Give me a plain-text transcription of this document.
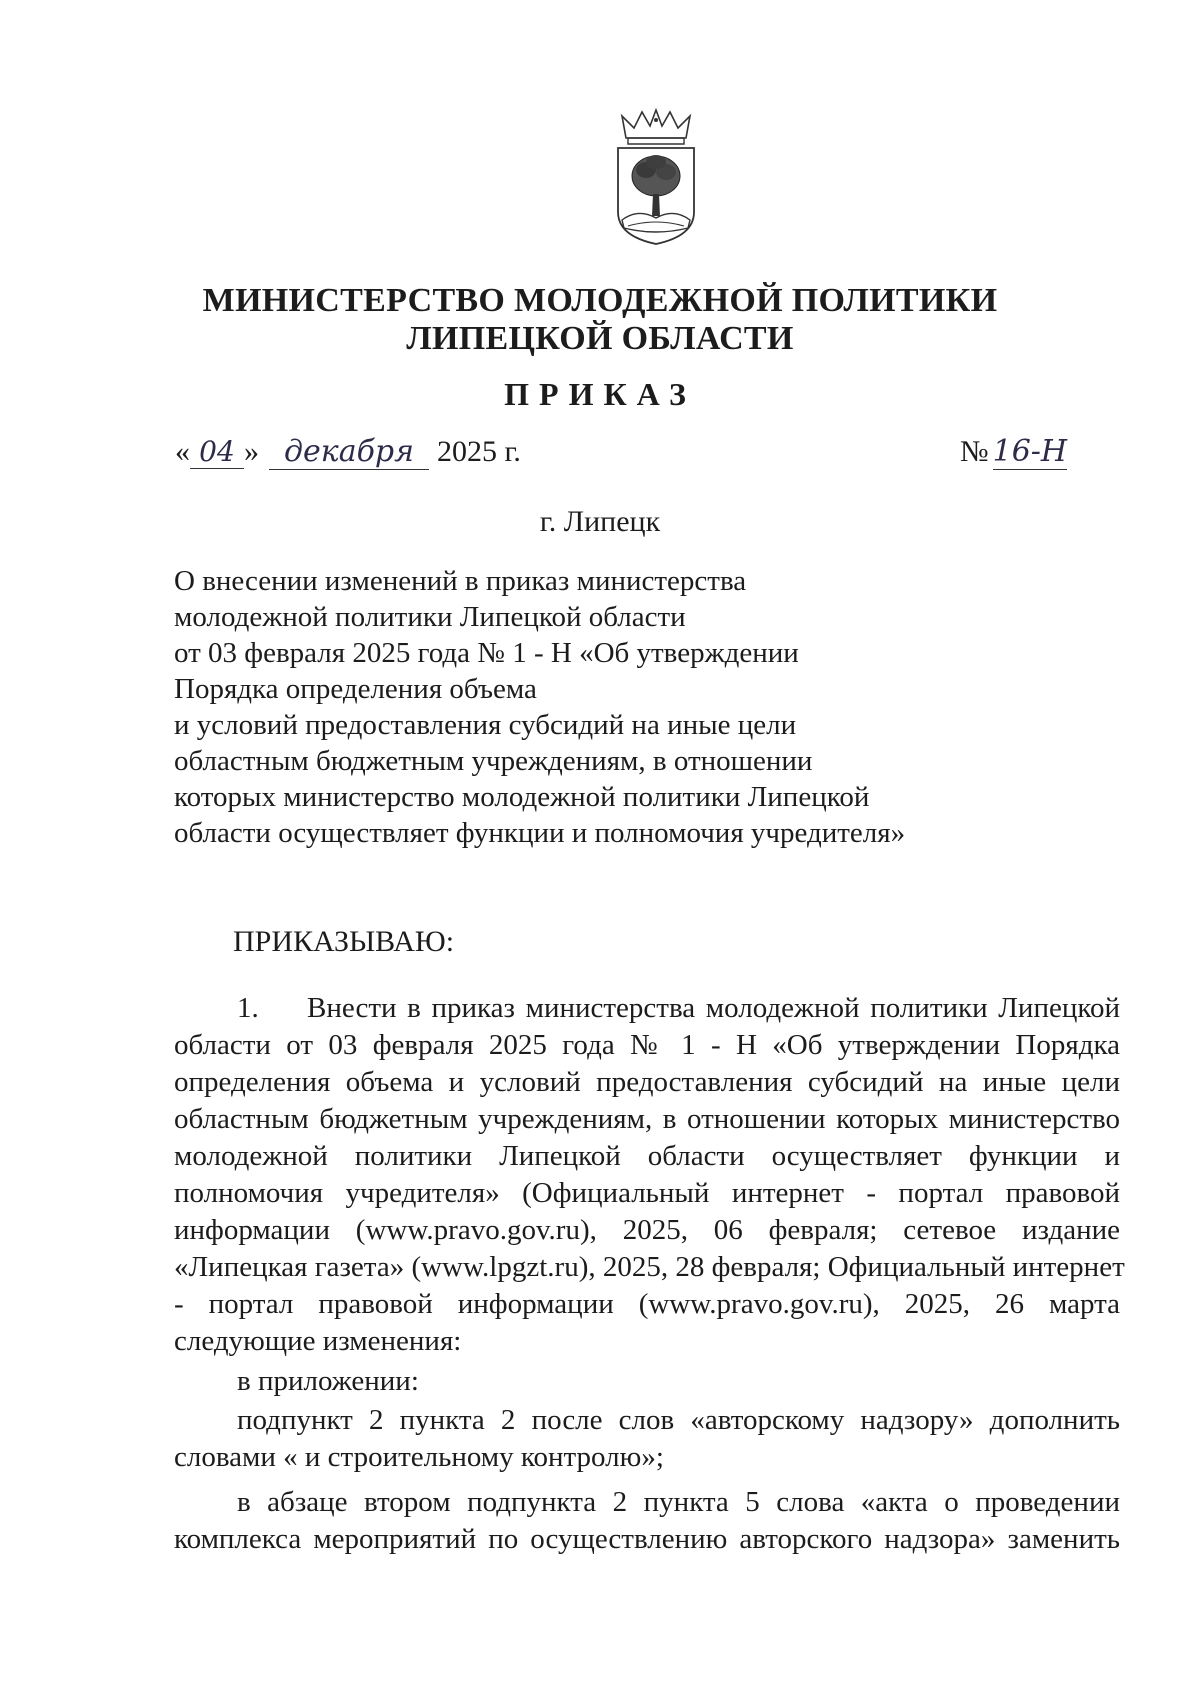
МИНИСТЕРСТВО МОЛОДЕЖНОЙ ПОЛИТИКИ
ЛИПЕЦКОЙ ОБЛАСТИ
ПРИКАЗ
« 04 » декабря 2025 г.	№ 16-Н
г. Липецк
О внесении изменений в приказ министерства
молодежной политики Липецкой области
от 03 февраля 2025 года № 1 - Н «Об утверждении
Порядка определения объема
и условий предоставления субсидий на иные цели
областным бюджетным учреждениям, в отношении
которых министерство молодежной политики Липецкой
области осуществляет функции и полномочия учредителя»
ПРИКАЗЫВАЮ:
1. Внести в приказ министерства молодежной политики Липецкой
области от 03 февраля 2025 года № 1 - Н «Об утверждении Порядка
определения объема и условий предоставления субсидий на иные цели
областным бюджетным учреждениям, в отношении которых министерство
молодежной политики Липецкой области осуществляет функции и
полномочия учредителя» (Официальный интернет - портал правовой
информации (www.pravo.gov.ru), 2025, 06 февраля; сетевое издание
«Липецкая газета» (www.lpgzt.ru), 2025, 28 февраля; Официальный интернет
- портал правовой информации (www.pravo.gov.ru), 2025, 26 марта
следующие изменения:
в приложении:
подпункт 2 пункта 2 после слов «авторскому надзору» дополнить
словами « и строительному контролю»;
в абзаце втором подпункта 2 пункта 5 слова «акта о проведении
комплекса мероприятий по осуществлению авторского надзора» заменить
